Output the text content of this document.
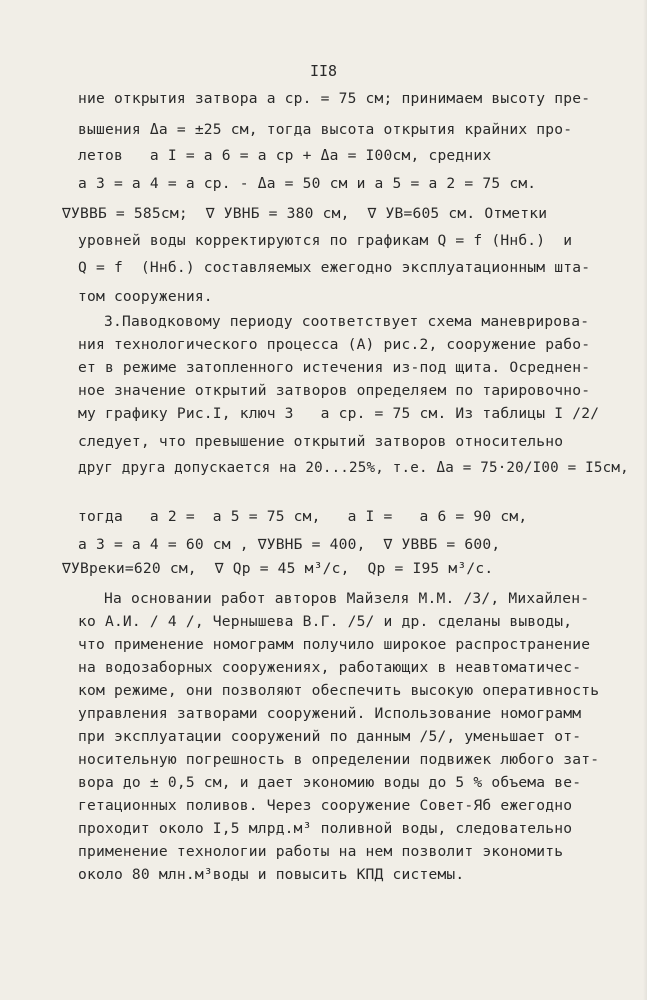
II8
ние открытия затвора а ср. = 75 см; принимаем высоту пре-
вышения Δа = ±25 см, тогда высота открытия крайних про-
летов   а I = а 6 = а ср + Δа = I00см, средних
а 3 = а 4 = а ср. - Δа = 50 см и а 5 = а 2 = 75 см.
∇УВВБ = 585см;  ∇ УВНБ = 380 см,  ∇ УВ=605 см. Отметки
уровней воды корректируются по графикам Q = f (Hнб.)  и
Q = f  (Hнб.) составляемых ежегодно эксплуатационным шта-
том сооружения.
3.Паводковому периоду соответствует схема маневрирова-
ния технологического процесса (А) рис.2, сооружение рабо-
ет в режиме затопленного истечения из-под щита. Осреднен-
ное значение открытий затворов определяем по тарировочно-
му графику Рис.I, ключ 3   а ср. = 75 см. Из таблицы I /2/
следует, что превышение открытий затворов относительно
друг друга допускается на 20...25%, т.е. Δа = 75·20/I00 = I5см,
тогда   а 2 =  а 5 = 75 см,   а I =   а 6 = 90 см,
а 3 = а 4 = 60 см , ∇УВНБ = 400,  ∇ УВВБ = 600,
∇УВреки=620 см,  ∇ Qр = 45 м³/с,  Qр = I95 м³/с.
На основании работ авторов Майзеля М.М. /3/, Михайлен-
ко А.И. / 4 /, Чернышева В.Г. /5/ и др. сделаны выводы,
что применение номограмм получило широкое распространение
на водозаборных сооружениях, работающих в неавтоматичес-
ком режиме, они позволяют обеспечить высокую оперативность
управления затворами сооружений. Использование номограмм
при эксплуатации сооружений по данным /5/, уменьшает от-
носительную погрешность в определении подвижек любого зат-
вора до ± 0,5 см, и дает экономию воды до 5 % объема ве-
гетационных поливов. Через сооружение Совет-Яб ежегодно
проходит около I,5 млрд.м³ поливной воды, следовательно
применение технологии работы на нем позволит экономить
около 80 млн.м³воды и повысить КПД системы.
